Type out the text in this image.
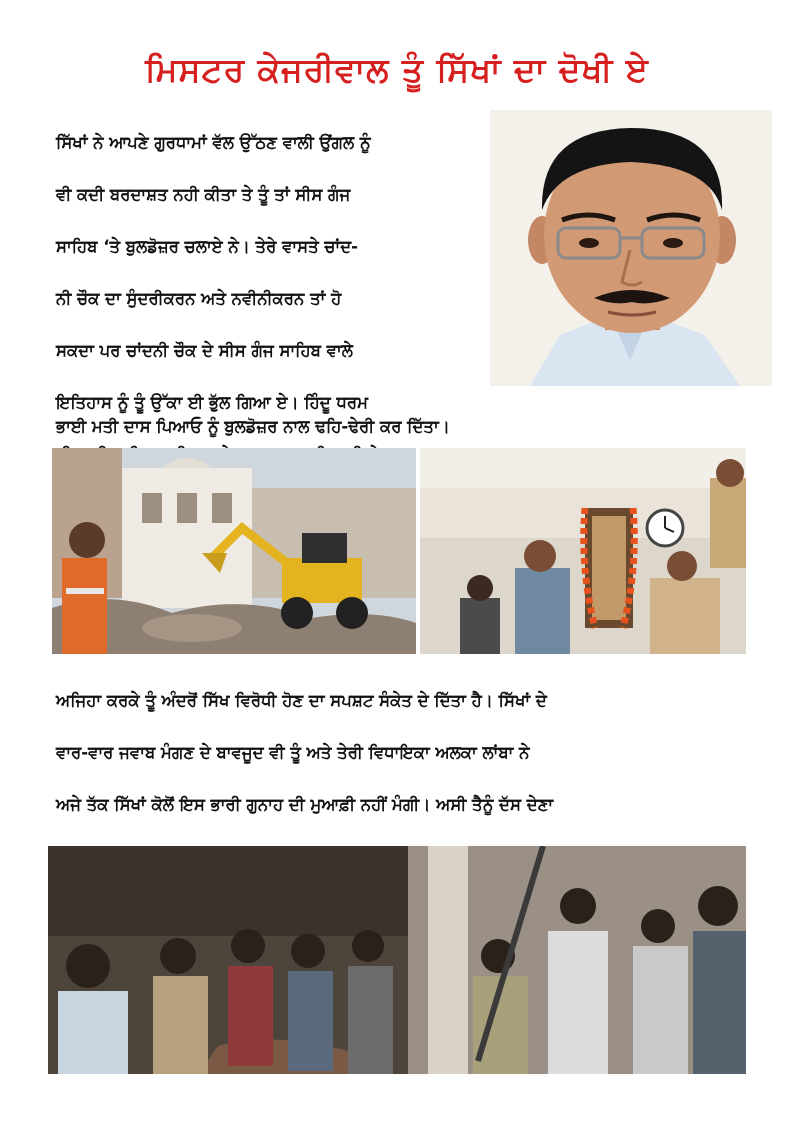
ਮਿਸਟਰ ਕੇਜਰੀਵਾਲ ਤੂੰ ਸਿੱਖਾਂ ਦਾ ਦੋਖੀ ਏ

ਸਿੱਖਾਂ ਨੇ ਆਪਣੇ ਗੁਰਧਾਮਾਂ ਵੱਲ ਉੱਠਣ ਵਾਲੀ ਉਂਗਲ ਨੂੰ

ਵੀ ਕਦੀ ਬਰਦਾਸ਼ਤ ਨਹੀ ਕੀਤਾ ਤੇ ਤੂੰ ਤਾਂ ਸੀਸ ਗੰਜ

ਸਾਹਿਬ ‘ਤੇ ਬੁਲਡੋਜ਼ਰ ਚਲਾਏ ਨੇ। ਤੇਰੇ ਵਾਸਤੇ ਚਾਂਦ-

ਨੀ ਚੌਕ ਦਾ ਸੁੰਦਰੀਕਰਨ ਅਤੇ ਨਵੀਨੀਕਰਨ ਤਾਂ ਹੋ

ਸਕਦਾ ਪਰ ਚਾਂਦਨੀ ਚੌਕ ਦੇ ਸੀਸ ਗੰਜ ਸਾਹਿਬ ਵਾਲੇ

ਇਤਿਹਾਸ ਨੂੰ ਤੂੰ ਉੱਕਾ ਈ ਭੁੱਲ ਗਿਆ ਏ। ਹਿੰਦੂ ਧਰਮ

ਭਾਈ ਮਤੀ ਦਾਸ ਪਿਆਓ ਨੂੰ ਬੁਲਡੋਜ਼ਰ ਨਾਲ ਢਹਿ-ਢੇਰੀ ਕਰ ਦਿੱਤਾ।

ਅਜਿਹਾ ਕਰਕੇ ਤੂੰ ਅੰਦਰੋਂ ਸਿੱਖ ਵਿਰੋਧੀ ਹੋਣ ਦਾ ਸਪਸ਼ਟ ਸੰਕੇਤ ਦੇ ਦਿੱਤਾ ਹੈ। ਸਿੱਖਾਂ ਦੇ

ਵਾਰ-ਵਾਰ ਜਵਾਬ ਮੰਗਣ ਦੇ ਬਾਵਜੂਦ ਵੀ ਤੂੰ ਅਤੇ ਤੇਰੀ ਵਿਧਾਇਕਾ ਅਲਕਾ ਲਾਂਬਾ ਨੇ

ਅਜੇ ਤੱਕ ਸਿੱਖਾਂ ਕੋਲੋਂ ਇਸ ਭਾਰੀ ਗੁਨਾਹ ਦੀ ਮੁਆਫ਼ੀ ਨਹੀਂ ਮੰਗੀ। ਅਸੀ ਤੈਨੂੰ ਦੱਸ ਦੇਣਾ
